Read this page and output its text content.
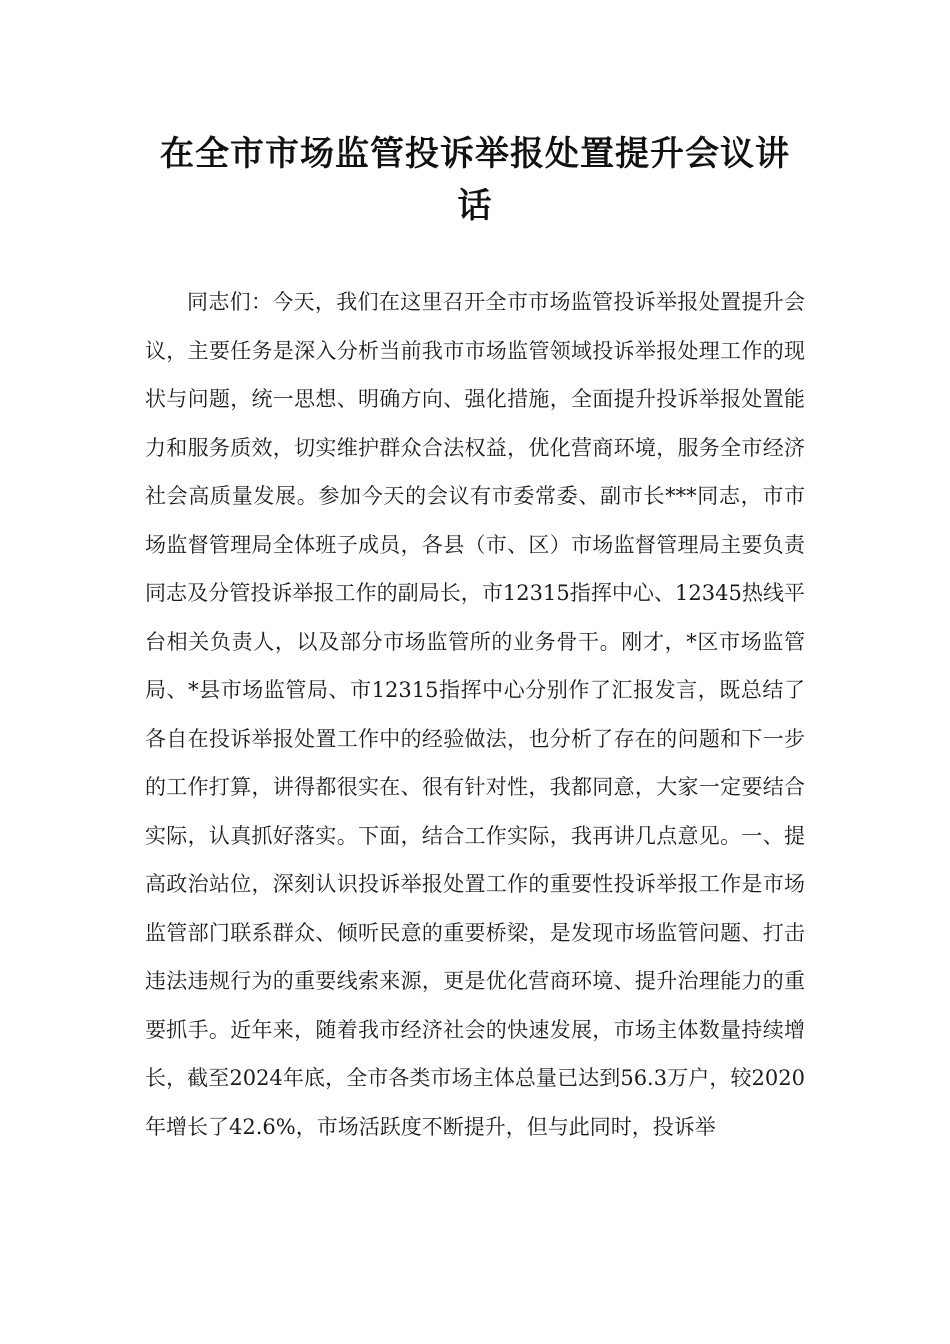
在全市市场监管投诉举报处置提升会议讲话

同志们：今天，我们在这里召开全市市场监管投诉举报处置提升会议，主要任务是深入分析当前我市市场监管领域投诉举报处理工作的现状与问题，统一思想、明确方向、强化措施，全面提升投诉举报处置能力和服务质效，切实维护群众合法权益，优化营商环境，服务全市经济社会高质量发展。参加今天的会议有市委常委、副市长***同志，市市场监督管理局全体班子成员，各县（市、区）市场监督管理局主要负责同志及分管投诉举报工作的副局长，市12315指挥中心、12345热线平台相关负责人，以及部分市场监管所的业务骨干。刚才，*区市场监管局、*县市场监管局、市12315指挥中心分别作了汇报发言，既总结了各自在投诉举报处置工作中的经验做法，也分析了存在的问题和下一步的工作打算，讲得都很实在、很有针对性，我都同意，大家一定要结合实际，认真抓好落实。下面，结合工作实际，我再讲几点意见。一、提高政治站位，深刻认识投诉举报处置工作的重要性投诉举报工作是市场监管部门联系群众、倾听民意的重要桥梁，是发现市场监管问题、打击违法违规行为的重要线索来源，更是优化营商环境、提升治理能力的重要抓手。近年来，随着我市经济社会的快速发展，市场主体数量持续增长，截至2024年底，全市各类市场主体总量已达到56.3万户，较2020年增长了42.6%，市场活跃度不断提升，但与此同时，投诉举
